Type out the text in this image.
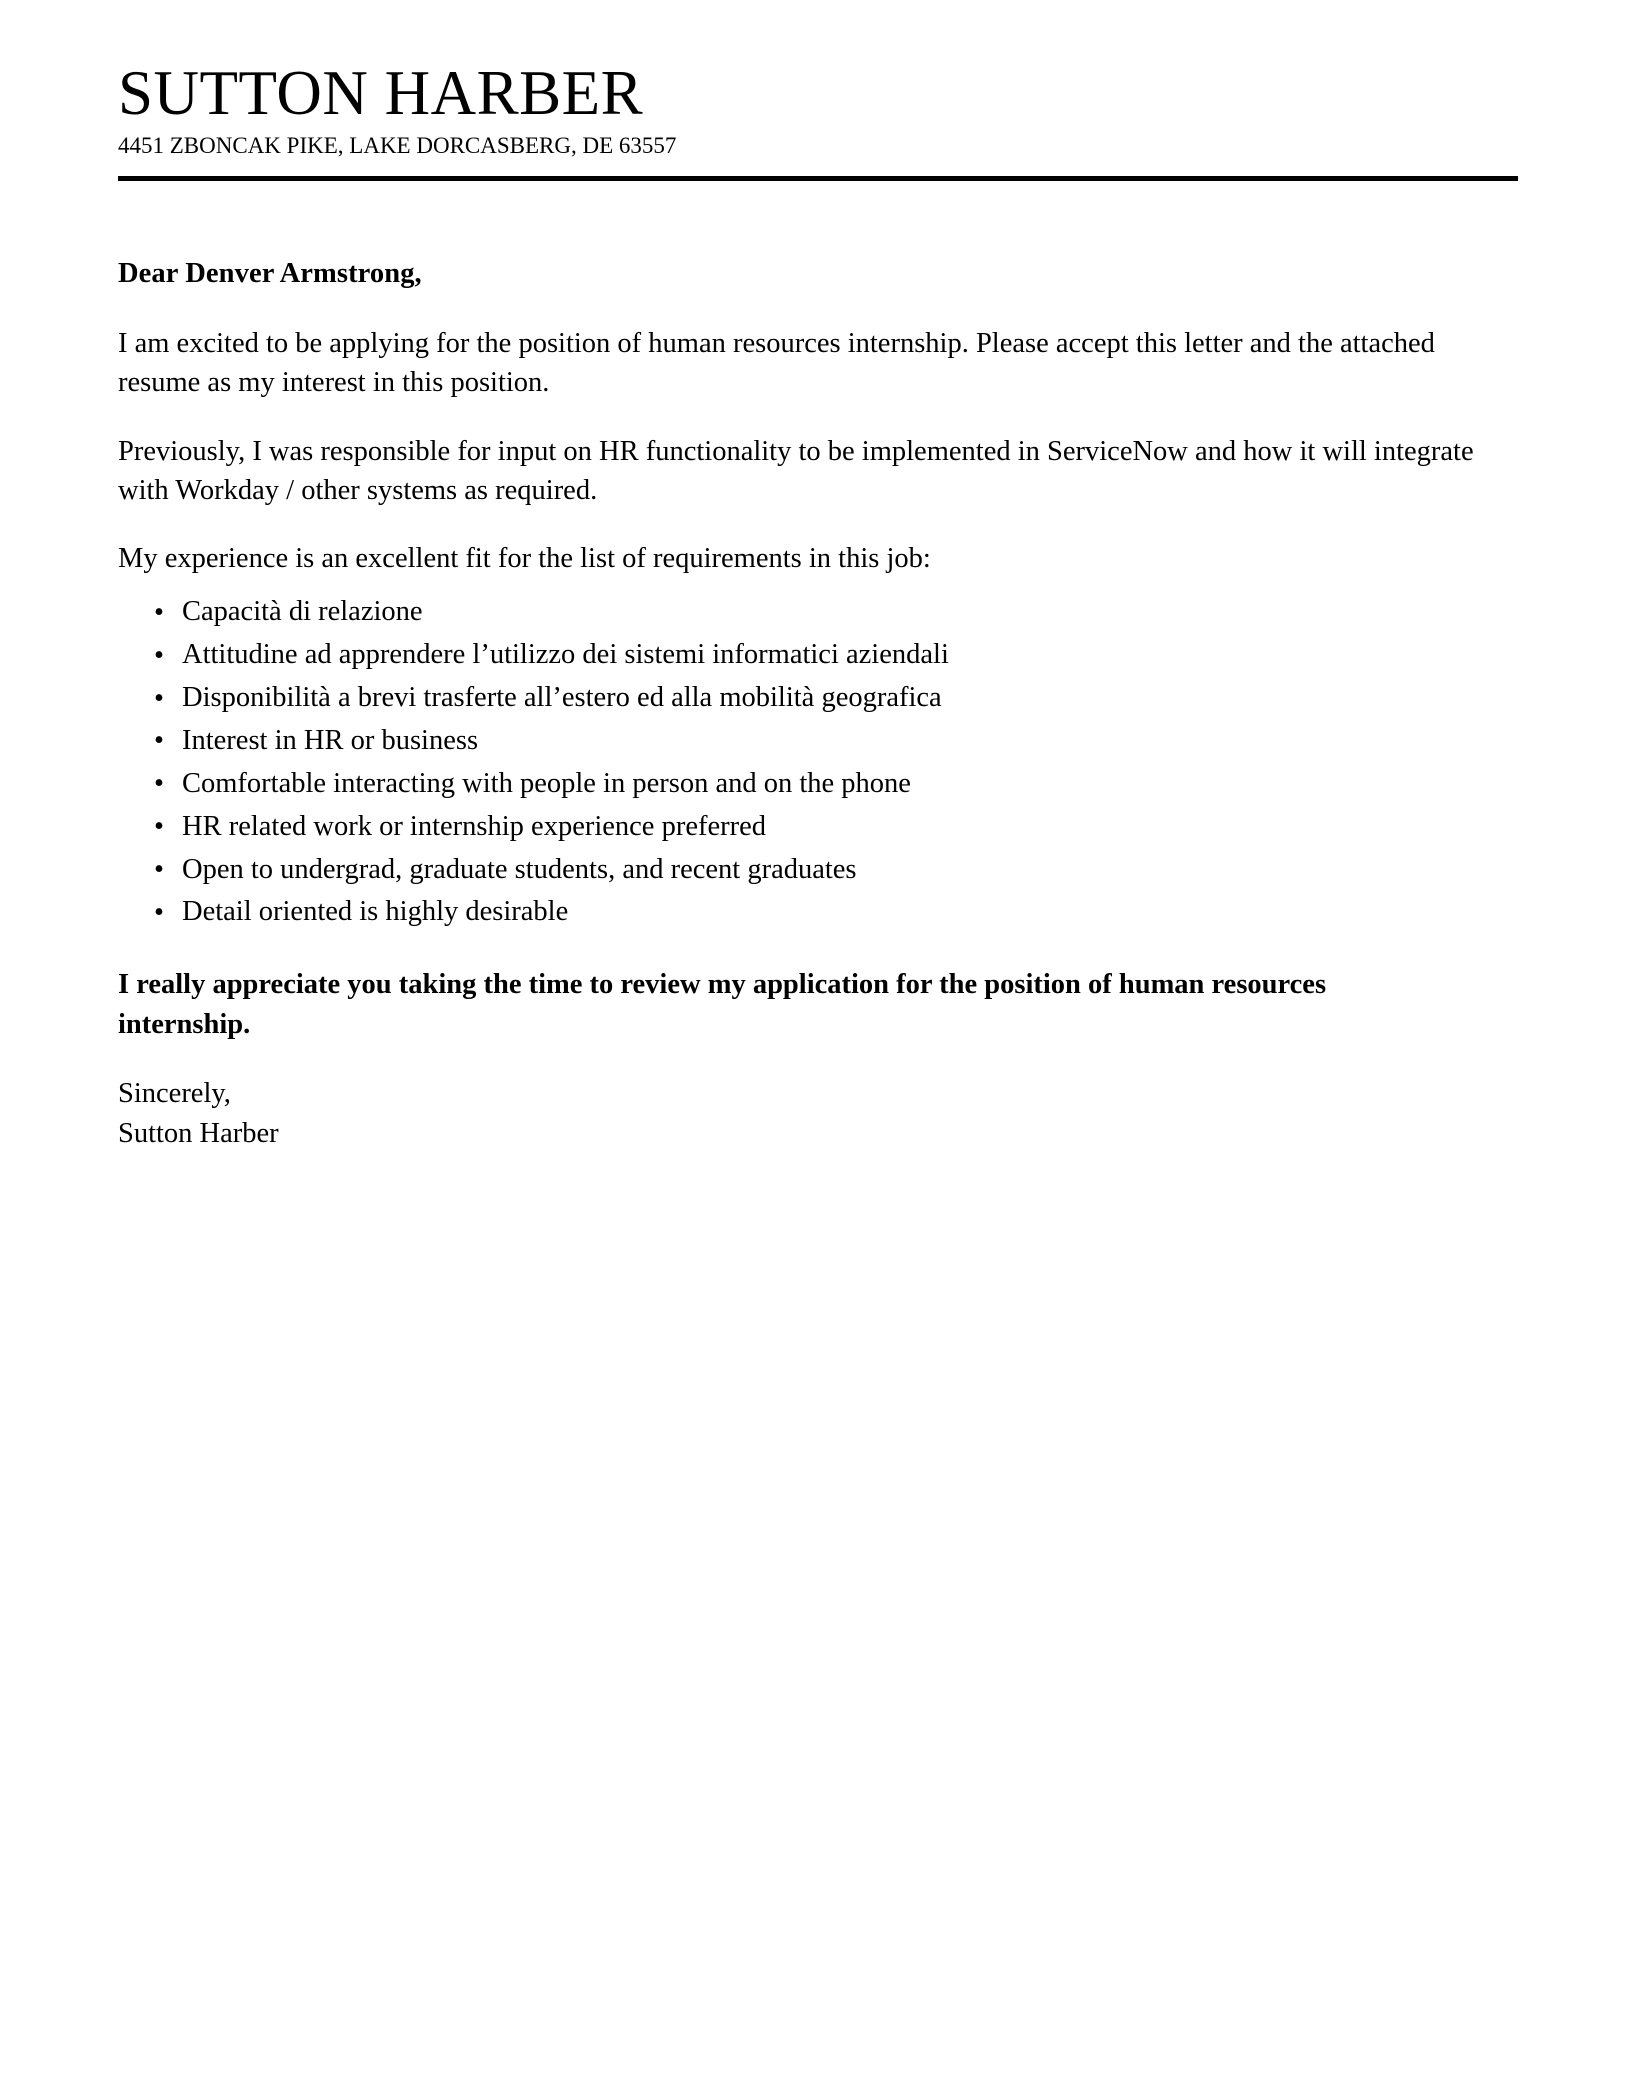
SUTTON HARBER
4451 ZBONCAK PIKE, LAKE DORCASBERG, DE 63557

Dear Denver Armstrong,

I am excited to be applying for the position of human resources internship. Please accept this letter and the attached resume as my interest in this position.

Previously, I was responsible for input on HR functionality to be implemented in ServiceNow and how it will integrate with Workday / other systems as required.

My experience is an excellent fit for the list of requirements in this job:

• Capacità di relazione
• Attitudine ad apprendere l’utilizzo dei sistemi informatici aziendali
• Disponibilità a brevi trasferte all’estero ed alla mobilità geografica
• Interest in HR or business
• Comfortable interacting with people in person and on the phone
• HR related work or internship experience preferred
• Open to undergrad, graduate students, and recent graduates
• Detail oriented is highly desirable

I really appreciate you taking the time to review my application for the position of human resources internship.

Sincerely,
Sutton Harber
